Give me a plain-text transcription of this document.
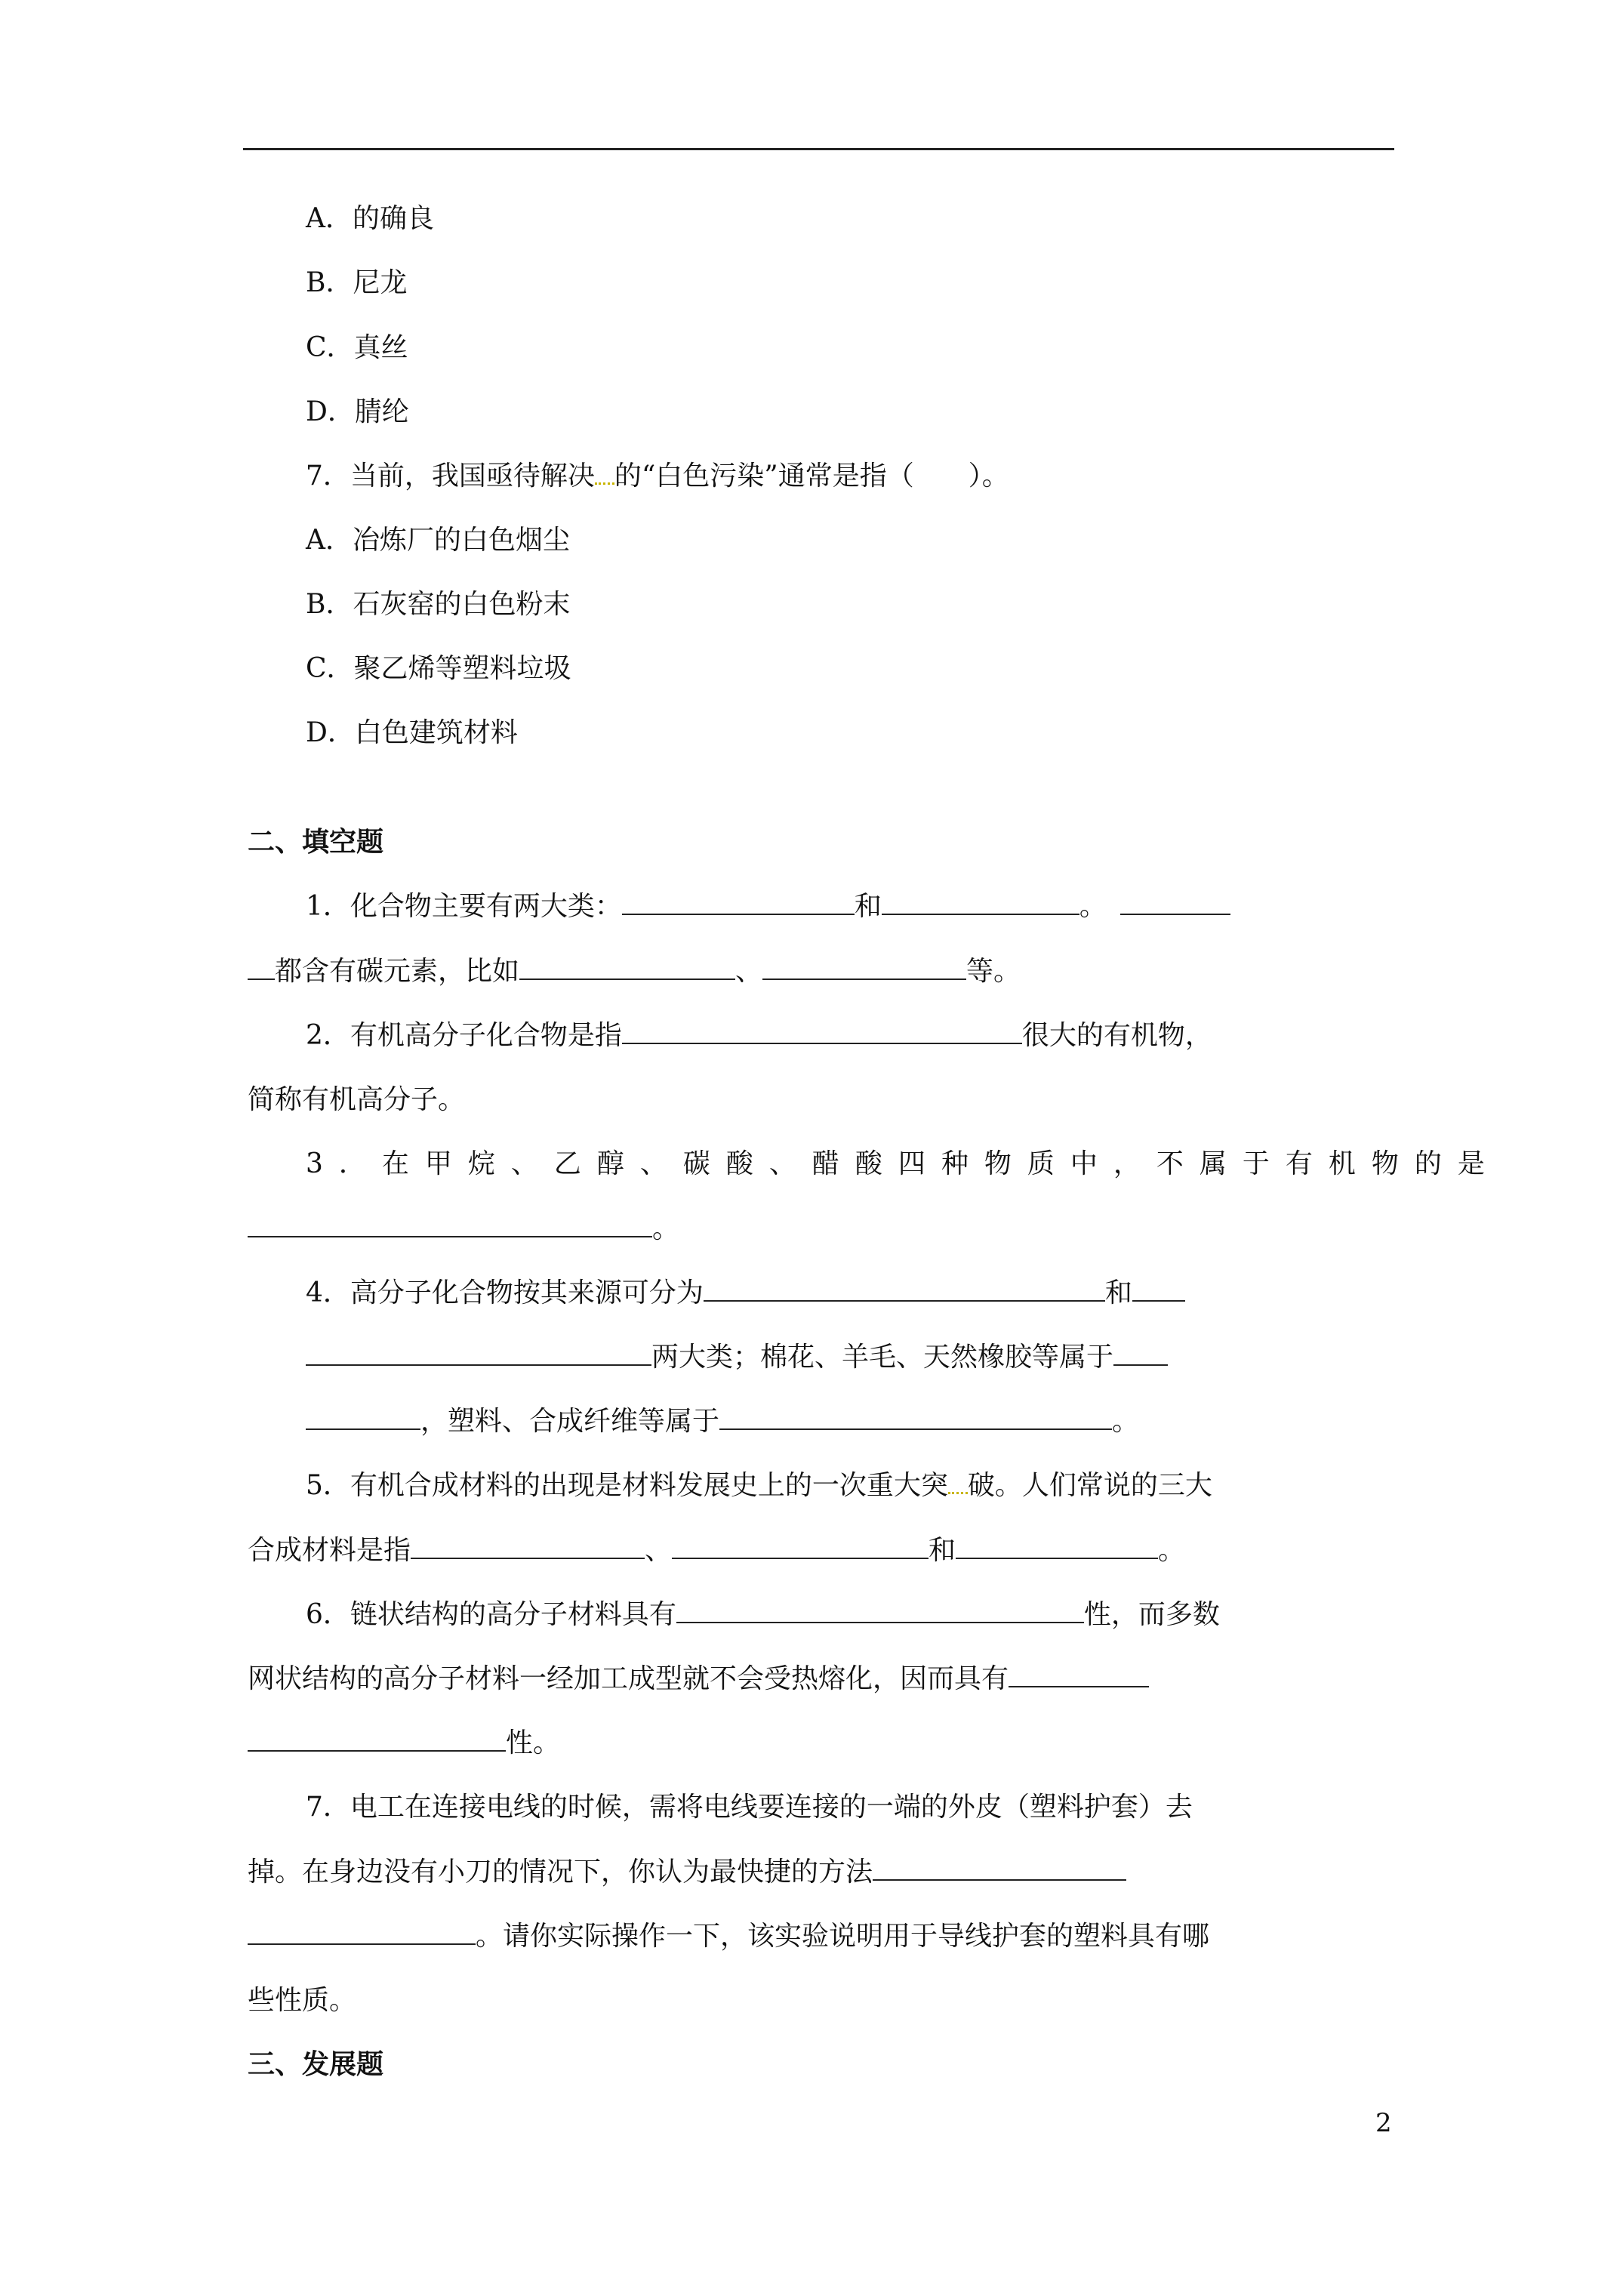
A．的确良
B．尼龙
C．真丝
D．腈纶
7．当前，我国亟待解决 的“白色污染”通常是指（　　）。
A．冶炼厂的白色烟尘
B．石灰窑的白色粉末
C．聚乙烯等塑料垃圾
D．白色建筑材料
二、填空题
1．化合物主要有两大类：	和	。
都含有碳元素，比如	、	等。
2．有机高分子化合物是指	很大的有机物，
简称有机高分子。
3．在甲烷、乙醇、碳酸、醋酸四种物质中，不属于有机物的是
。
4．高分子化合物按其来源可分为	和
两大类；棉花、羊毛、天然橡胶等属于
，塑料、合成纤维等属于	。
5．有机合成材料的出现是材料发展史上的一次重大突 破。人们常说的三大
合成材料是指	、	和	。
6．链状结构的高分子材料具有	性，而多数
网状结构的高分子材料一经加工成型就不会受热熔化，因而具有
性。
7．电工在连接电线的时候，需将电线要连接的一端的外皮（塑料护套）去
掉。在身边没有小刀的情况下，你认为最快捷的方法
。请你实际操作一下，该实验说明用于导线护套的塑料具有哪
些性质。
三、发展题
2
